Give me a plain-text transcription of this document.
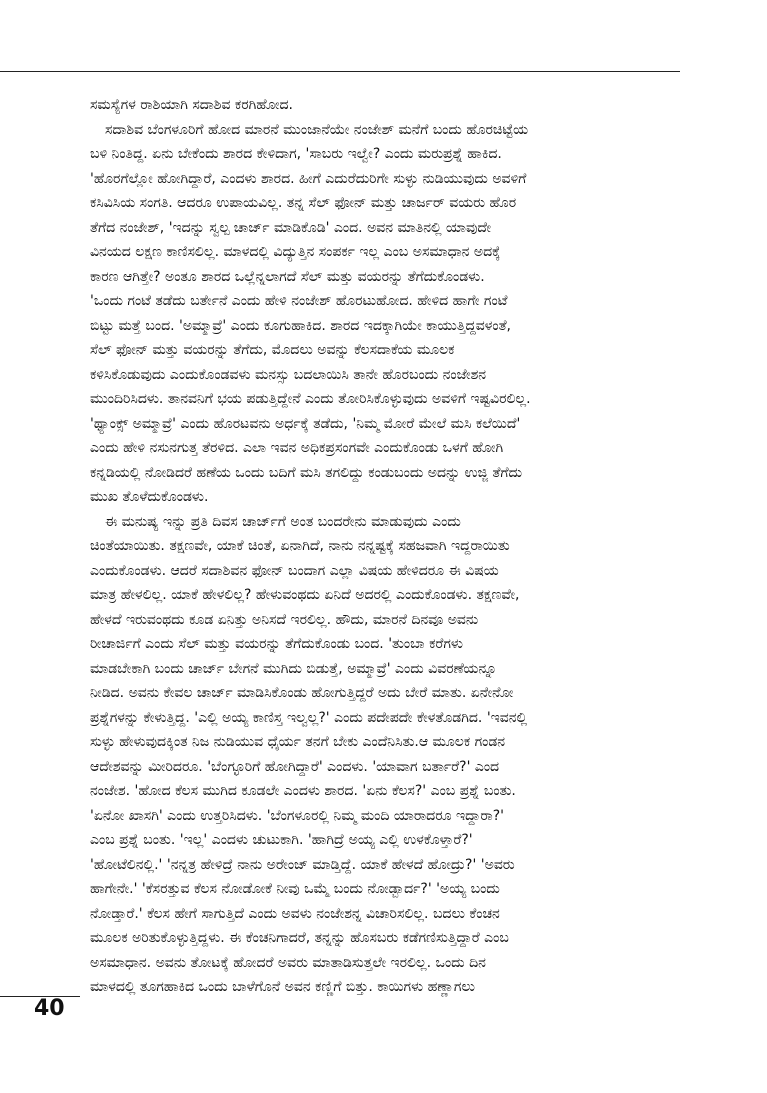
ಸಮಸ್ಯೆಗಳ ರಾಶಿಯಾಗಿ ಸದಾಶಿವ ಕರಗಿಹೋದ.
ಸದಾಶಿವ ಬೆಂಗಳೂರಿಗೆ ಹೋದ ಮಾರನೆ ಮುಂಜಾನೆಯೇ ನಂಜೇಶ್ ಮನೆಗೆ ಬಂದು ಹೊರಚಿಟ್ಟೆಯ
ಬಳಿ ನಿಂತಿದ್ದ. ಏನು ಬೇಕೆಂದು ಶಾರದ ಕೇಳಿದಾಗ, 'ಸಾಬರು ಇಲ್ವೇ? ಎಂದು ಮರುಪ್ರಶ್ನೆ ಹಾಕಿದ.
'ಹೊರಗೆಲ್ಲೋ ಹೋಗಿದ್ದಾರೆ, ಎಂದಳು ಶಾರದ. ಹೀಗೆ ಎದುರೆದುರಿಗೇ ಸುಳ್ಳು ನುಡಿಯುವುದು ಅವಳಿಗೆ
ಕಸಿವಿಸಿಯ ಸಂಗತಿ. ಆದರೂ ಉಪಾಯವಿಲ್ಲ. ತನ್ನ ಸೆಲ್ ಫೋನ್ ಮತ್ತು ಚಾರ್ಜರ್ ವಯರು ಹೊರ
ತೆಗೆದ ನಂಜೇಶ್, 'ಇದನ್ನು ಸ್ವಲ್ಪ ಚಾರ್ಜ್ ಮಾಡಿಕೊಡಿ' ಎಂದ. ಅವನ ಮಾತಿನಲ್ಲಿ ಯಾವುದೇ
ವಿನಯದ ಲಕ್ಷಣ ಕಾಣಿಸಲಿಲ್ಲ. ಮಾಳದಲ್ಲಿ ವಿದ್ಯುತ್ತಿನ ಸಂಪರ್ಕ ಇಲ್ಲ ಎಂಬ ಅಸಮಾಧಾನ ಅದಕ್ಕೆ
ಕಾರಣ ಆಗಿತ್ತೇ? ಅಂತೂ ಶಾರದ ಒಲ್ಲೆನ್ನಲಾಗದೆ ಸೆಲ್ ಮತ್ತು ವಯರನ್ನು ತೆಗೆದುಕೊಂಡಳು.
'ಒಂದು ಗಂಟೆ ತಡೆದು ಬರ್ತೇನೆ ಎಂದು ಹೇಳಿ ನಂಜೇಶ್ ಹೊರಟುಹೋದ. ಹೇಳಿದ ಹಾಗೇ ಗಂಟೆ
ಬಿಟ್ಟು ಮತ್ತೆ ಬಂದ. 'ಅಮ್ಮಾವ್ರೆ' ಎಂದು ಕೂಗುಹಾಕಿದ. ಶಾರದ ಇದಕ್ಕಾಗಿಯೇ ಕಾಯುತ್ತಿದ್ದವಳಂತೆ,
ಸೆಲ್ ಫೋನ್ ಮತ್ತು ವಯರನ್ನು ತೆಗೆದು, ಮೊದಲು ಅವನ್ನು ಕೆಲಸದಾಕೆಯ ಮೂಲಕ
ಕಳಿಸಿಕೊಡುವುದು ಎಂದುಕೊಂಡವಳು ಮನಸ್ಸು ಬದಲಾಯಿಸಿ ತಾನೇ ಹೊರಬಂದು ನಂಜೇಶನ
ಮುಂದಿರಿಸಿದಳು. ತಾನವನಿಗೆ ಭಯ ಪಡುತ್ತಿದ್ದೇನೆ ಎಂದು ತೋರಿಸಿಕೊಳ್ಳುವುದು ಅವಳಿಗೆ ಇಷ್ಟವಿರಲಿಲ್ಲ.
'ಥ್ಯಾಂಕ್ಸ್ ಅಮ್ಮಾವ್ರೆ' ಎಂದು ಹೊರಟವನು ಅರ್ಧಕ್ಕೆ ತಡೆದು, 'ನಿಮ್ಮ ಮೋರೆ ಮೇಲೆ ಮಸಿ ಕಲೆಯಿದೆ'
ಎಂದು ಹೇಳಿ ನಸುನಗುತ್ತ ತೆರಳಿದ. ಎಲಾ ಇವನ ಅಧಿಕಪ್ರಸಂಗವೇ ಎಂದುಕೊಂಡು ಒಳಗೆ ಹೋಗಿ
ಕನ್ನಡಿಯಲ್ಲಿ ನೋಡಿದರೆ ಹಣೆಯ ಒಂದು ಬದಿಗೆ ಮಸಿ ತಗಲಿದ್ದು ಕಂಡುಬಂದು ಅದನ್ನು ಉಜ್ಜಿ ತೆಗೆದು
ಮುಖ ತೊಳೆದುಕೊಂಡಳು.
ಈ ಮನುಷ್ಯ ಇನ್ನು ಪ್ರತಿ ದಿವಸ ಚಾರ್ಜ್‌ಗೆ ಅಂತ ಬಂದರೇನು ಮಾಡುವುದು ಎಂದು
ಚಿಂತೆಯಾಯಿತು. ತಕ್ಷಣವೇ, ಯಾಕೆ ಚಿಂತೆ, ಏನಾಗಿದೆ, ನಾನು ನನ್ನಷ್ಟಕ್ಕೆ ಸಹಜವಾಗಿ ಇದ್ದರಾಯಿತು
ಎಂದುಕೊಂಡಳು. ಆದರೆ ಸದಾಶಿವನ ಫೋನ್ ಬಂದಾಗ ಎಲ್ಲಾ ವಿಷಯ ಹೇಳಿದರೂ ಈ ವಿಷಯ
ಮಾತ್ರ ಹೇಳಲಿಲ್ಲ. ಯಾಕೆ ಹೇಳಲಿಲ್ಲ? ಹೇಳುವಂಥದು ಏನಿದೆ ಅದರಲ್ಲಿ ಎಂದುಕೊಂಡಳು. ತಕ್ಷಣವೇ,
ಹೇಳದೆ ಇರುವಂಥದು ಕೂಡ ಏನಿತ್ತು ಅನಿಸದೆ ಇರಲಿಲ್ಲ. ಹೌದು, ಮಾರನೆ ದಿನವೂ ಅವನು
ರೀಚಾರ್ಜಿಗೆ ಎಂದು ಸೆಲ್ ಮತ್ತು ವಯರನ್ನು ತೆಗೆದುಕೊಂಡು ಬಂದ. 'ತುಂಬಾ ಕರೆಗಳು
ಮಾಡಬೇಕಾಗಿ ಬಂದು ಚಾರ್ಜ್ ಬೇಗನೆ ಮುಗಿದು ಬಿಡುತ್ತೆ, ಅಮ್ಮಾವ್ರೆ' ಎಂದು ವಿವರಣೆಯನ್ನೂ
ನೀಡಿದ. ಅವನು ಕೇವಲ ಚಾರ್ಜ್ ಮಾಡಿಸಿಕೊಂಡು ಹೋಗುತ್ತಿದ್ದರೆ ಅದು ಬೇರೆ ಮಾತು. ಏನೇನೋ
ಪ್ರಶ್ನೆಗಳನ್ನು ಕೇಳುತ್ತಿದ್ದ. 'ಎಲ್ಲಿ ಅಯ್ಯ ಕಾಣಿಸ್ತ ಇಲ್ವಲ್ಲ?' ಎಂದು ಪದೇಪದೇ ಕೇಳತೊಡಗಿದ. 'ಇವನಲ್ಲಿ
ಸುಳ್ಳು ಹೇಳುವುದಕ್ಕಿಂತ ನಿಜ ನುಡಿಯುವ ಧೈರ್ಯ ತನಗೆ ಬೇಕು ಎಂದೆನಿಸಿತು.ಆ ಮೂಲಕ ಗಂಡನ
ಆದೇಶವನ್ನು ಮೀರಿದರೂ. 'ಬೆಂಗ್ಳೂರಿಗೆ ಹೋಗಿದ್ದಾರೆ' ಎಂದಳು. 'ಯಾವಾಗ ಬರ್ತಾರೆ?' ಎಂದ
ನಂಜೇಶ. 'ಹೋದ ಕೆಲಸ ಮುಗಿದ ಕೂಡಲೇ ಎಂದಳು ಶಾರದ. 'ಏನು ಕೆಲಸ?' ಎಂಬ ಪ್ರಶ್ನೆ ಬಂತು.
'ಏನೋ ಖಾಸಗಿ' ಎಂದು ಉತ್ತರಿಸಿದಳು. 'ಬೆಂಗಳೂರಲ್ಲಿ ನಿಮ್ಮ ಮಂದಿ ಯಾರಾದರೂ ಇದ್ದಾರಾ?'
ಎಂಬ ಪ್ರಶ್ನೆ ಬಂತು. 'ಇಲ್ಲ' ಎಂದಳು ಚುಟುಕಾಗಿ. 'ಹಾಗಿದ್ರೆ ಅಯ್ಯ ಎಲ್ಲಿ ಉಳಕೊಳ್ತಾರೆ?'
'ಹೋಟೆಲಿನಲ್ಲಿ.' 'ನನ್ನತ್ರ ಹೇಳಿದ್ರೆ ನಾನು ಅರೇಂಜ್ ಮಾಡ್ತಿದ್ದೆ. ಯಾಕೆ ಹೇಳದೆ ಹೋದ್ರು?' 'ಅವರು
ಹಾಗೇನೇ.' 'ಕೆಸರತ್ತುವ ಕೆಲಸ ನೋಡೋಕೆ ನೀವು ಒಮ್ಮೆ ಬಂದು ನೋಡ್ಬಾರ್ದ?' 'ಅಯ್ಯ ಬಂದು
ನೋಡ್ತಾರೆ.' ಕೆಲಸ ಹೇಗೆ ಸಾಗುತ್ತಿದೆ ಎಂದು ಅವಳು ನಂಜೇಶನ್ನ ವಿಚಾರಿಸಲಿಲ್ಲ. ಬದಲು ಕೆಂಚನ
ಮೂಲಕ ಅರಿತುಕೊಳ್ಳುತ್ತಿದ್ದಳು. ಈ ಕೆಂಚನಿಗಾದರೆ, ತನ್ನನ್ನು ಹೊಸಬರು ಕಡೆಗಣಿಸುತ್ತಿದ್ದಾರೆ ಎಂಬ
ಅಸಮಾಧಾನ. ಅವನು ತೋಟಕ್ಕೆ ಹೋದರೆ ಅವರು ಮಾತಾಡಿಸುತ್ತಲೇ ಇರಲಿಲ್ಲ. ಒಂದು ದಿನ
ಮಾಳದಲ್ಲಿ ತೂಗಹಾಕಿದ ಒಂದು ಬಾಳೆಗೊನೆ ಅವನ ಕಣ್ಣಿಗೆ ಬಿತ್ತು. ಕಾಯಿಗಳು ಹಣ್ಣಾಗಲು
40
